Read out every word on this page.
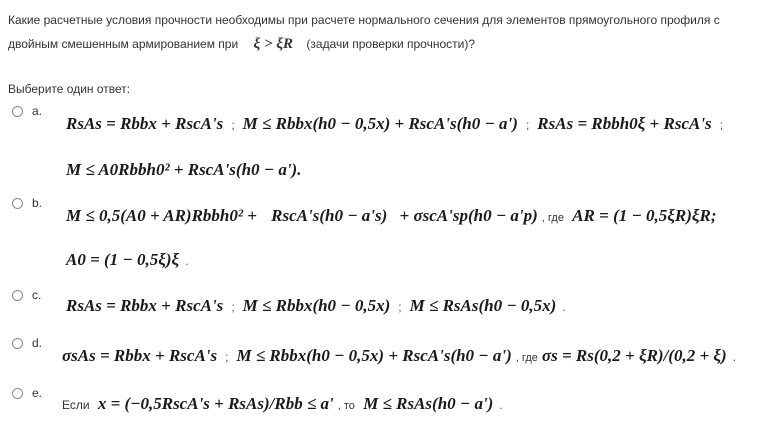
Какие расчетные условия прочности необходимы при расчете нормального сечения для элементов прямоугольного профиля с
двойным смешенным армированием при ξ > ξR (задачи проверки прочности)?
Выберите один ответ:
a.
RsAs = Rbbx + RscA's ; M ≤ Rbbx(h0 − 0,5x) + RscA's(h0 − a') ; RsAs = Rbbh0ξ + RscA's ;
M ≤ A0Rbbh0² + RscA's(h0 − a').
b.
M ≤ 0,5(A0 + AR)Rbbh0² + RscA's(h0 − a's) + σscA'sp(h0 − a'p) , где AR = (1 − 0,5ξR)ξR;
A0 = (1 − 0,5ξ)ξ .
c.
RsAs = Rbbx + RscA's ; M ≤ Rbbx(h0 − 0,5x) ; M ≤ RsAs(h0 − 0,5x) .
d.
σsAs = Rbbx + RscA's ; M ≤ Rbbx(h0 − 0,5x) + RscA's(h0 − a') , где σs = Rs(0,2 + ξR)/(0,2 + ξ) .
e.
Если x = (−0,5RscA's + RsAs)/Rbb ≤ a' , то M ≤ RsAs(h0 − a') .
